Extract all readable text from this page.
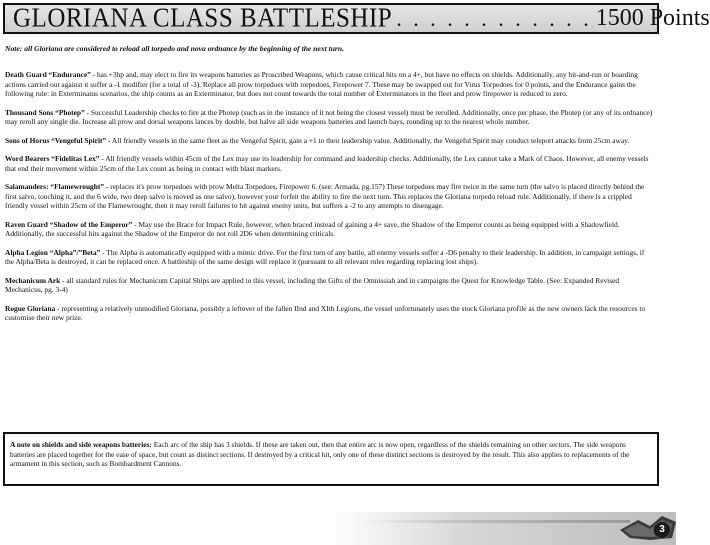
GLORIANA CLASS BATTLESHIP . . . . . . . . . . . . 1500 Points
Note: all Gloriana are considered to reload all torpedo and nova ordnance by the beginning of the next turn.

Death Guard “Endurance” - has +3hp and, may elect to fire its weapons batteries as Proscribed Weapons, which cause critical hits on a 4+, but have no effects on shields. Additionally, any hit-and-run or boarding actions carried out against it suffer a -1 modifier (for a total of -3). Replace all prow torpedoes with torpedoes, Firepower 7. These may be swapped out for Virus Torpedoes for 0 points, and the Endurance gains the following rule: in Exterminatus scenarios, the ship counts as an Exterminator, but does not count towards the total number of Exterminators in the fleet and prow firepower is reduced to zero.

Thousand Sons “Photep” - Successful Leadership checks to fire at the Photep (such as in the instance of it not being the closest vessel) must be rerolled. Additionally, once per phase, the Photep (or any of its ordnance) may reroll any single die. Increase all prow and dorsal weapons lances by double, but halve all side weapons batteries and launch bays, rounding up to the nearest whole number.

Sons of Horus “Vengeful Spirit” - All friendly vessels in the same fleet as the Vengeful Spirit, gain a +1 to their leadership value. Additionally, the Vengeful Spirit may conduct teleport attacks from 25cm away.

Word Bearers “Fidelitas Lex” - All friendly vessels within 45cm of the Lex may use its leadership for command and leadership checks. Additionally, the Lex cannot take a Mark of Chaos. However, all enemy vessels that end their movement within 25cm of the Lex count as being in contact with blast markers.

Salamanders: “Flamewrought” - replaces it's prow torpedoes with prow Melta Torpedoes, Firepower 6. (see: Armada, pg.157) These torpedoes may fire twice in the same turn (the salvo is placed directly behind the first salvo, touching it, and the 6 wide, two deep salvo is moved as one salvo), however your forfeit the ability to fire the next turn. This replaces the Gloriana torpedo reload rule. Additionally, if there is a crippled friendly vessel within 25cm of the Flamewrought, then it may reroll failures to hit against enemy units, but suffers a -2 to any attempts to disengage.

Raven Guard “Shadow of the Emperor” - May use the Brace for Impact Rule, however, when braced instead of gaining a 4+ save, the Shadow of the Emperor counts as being equipped with a Shadowfield. Additionally, the successful hits against the Shadow of the Emperor do not roll 2D6 when determining criticals.

Alpha Legion “Alpha”/”Beta” - The Alpha is automatically equipped with a mimic drive. For the first turn of any battle, all enemy vessels suffer a -D6 penalty to their leadership. In addition, in campaign settings, if the Alpha/Beta is destroyed, it can be replaced once. A battleship of the same design will replace it (pursuant to all relevant rules regarding replacing lost ships).

Mechanicum Ark - all standard rules for Mechanicum Capital Ships are applied to this vessel, including the Gifts of the Omnissiah and in campaigns the Quest for Knowledge Table. (See: Expanded Revised Mechanicus, pg. 3-4)

Rogue Gloriana - representing a relatively unmodified Gloriana, possibly a leftover of the fallen IInd and XIth Legions, the vessel unfortunately uses the stock Gloriana profile as the new owners lack the resources to customise their new prize.

A note on shields and side weapons batteries: Each arc of the ship has 3 shields. If these are taken out, then that entire arc is now open, regardless of the shields remaining on other sectors. The side weapons batteries are placed together for the ease of space, but count as distinct sections. If destroyed by a critical hit, only one of these distinct sections is destroyed by the result. This also applies to replacements of the armament in this section, such as Bombardment Cannons.
3
